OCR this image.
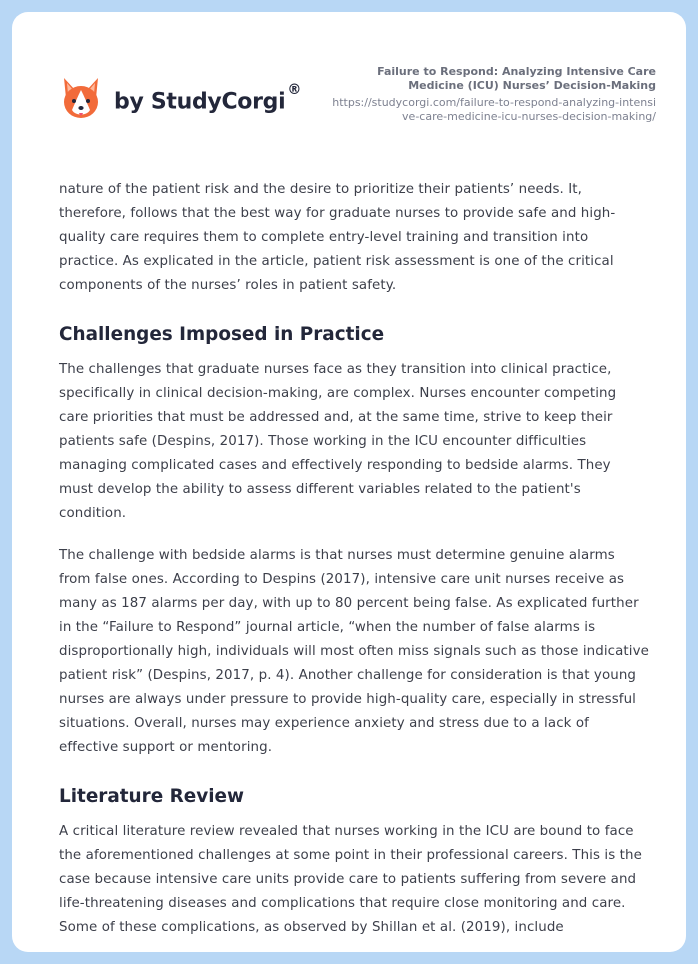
by StudyCorgi ®
Failure to Respond: Analyzing Intensive Care Medicine (ICU) Nurses’ Decision-Making
https://studycorgi.com/failure-to-respond-analyzing-intensive-care-medicine-icu-nurses-decision-making/

nature of the patient risk and the desire to prioritize their patients’ needs. It, therefore, follows that the best way for graduate nurses to provide safe and high-quality care requires them to complete entry-level training and transition into practice. As explicated in the article, patient risk assessment is one of the critical components of the nurses’ roles in patient safety.

Challenges Imposed in Practice

The challenges that graduate nurses face as they transition into clinical practice, specifically in clinical decision-making, are complex. Nurses encounter competing care priorities that must be addressed and, at the same time, strive to keep their patients safe (Despins, 2017). Those working in the ICU encounter difficulties managing complicated cases and effectively responding to bedside alarms. They must develop the ability to assess different variables related to the patient's condition.

The challenge with bedside alarms is that nurses must determine genuine alarms from false ones. According to Despins (2017), intensive care unit nurses receive as many as 187 alarms per day, with up to 80 percent being false. As explicated further in the “Failure to Respond” journal article, “when the number of false alarms is disproportionally high, individuals will most often miss signals such as those indicative patient risk” (Despins, 2017, p. 4). Another challenge for consideration is that young nurses are always under pressure to provide high-quality care, especially in stressful situations. Overall, nurses may experience anxiety and stress due to a lack of effective support or mentoring.

Literature Review

A critical literature review revealed that nurses working in the ICU are bound to face the aforementioned challenges at some point in their professional careers. This is the case because intensive care units provide care to patients suffering from severe and life-threatening diseases and complications that require close monitoring and care. Some of these complications, as observed by Shillan et al. (2019), include
